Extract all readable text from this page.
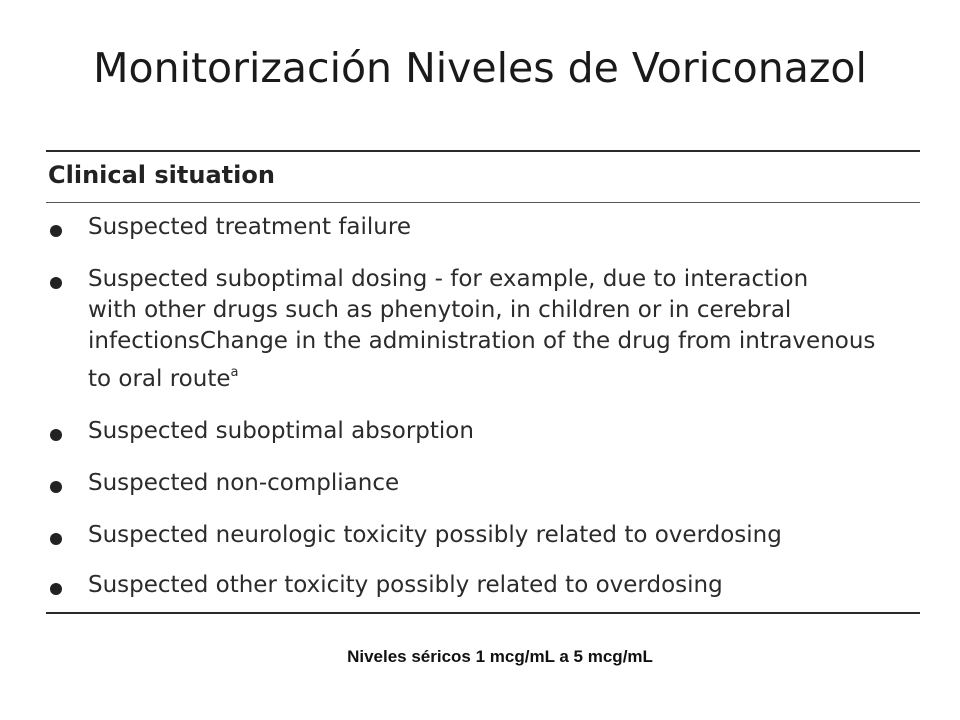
Monitorización Niveles de Voriconazol
Clinical situation
Suspected treatment failure
Suspected suboptimal dosing - for example, due to interaction
with other drugs such as phenytoin, in children or in cerebral
infectionsChange in the administration of the drug from intravenous
to oral route$^a$
Suspected suboptimal absorption
Suspected non-compliance
Suspected neurologic toxicity possibly related to overdosing
Suspected other toxicity possibly related to overdosing
Niveles séricos 1 mcg/mL a 5 mcg/mL
